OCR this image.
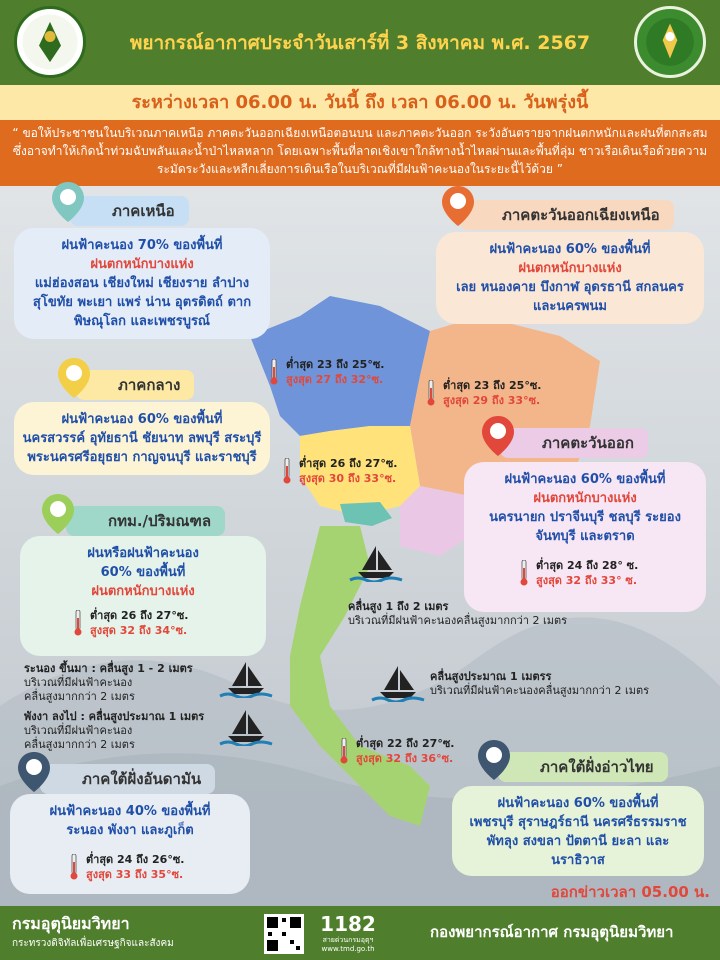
พยากรณ์อากาศประจำวันเสาร์ที่ 3 สิงหาคม พ.ศ. 2567
ระหว่างเวลา 06.00 น. วันนี้ ถึง เวลา 06.00 น. วันพรุ่งนี้
“ ขอให้ประชาชนในบริเวณภาคเหนือ ภาคตะวันออกเฉียงเหนือตอนบน และภาคตะวันออก ระวังอันตรายจากฝนตกหนักและฝนที่ตกสะสมซึ่งอาจทำให้เกิดน้ำท่วมฉับพลันและน้ำป่าไหลหลาก โดยเฉพาะพื้นที่ลาดเชิงเขาใกล้ทางน้ำไหลผ่านและพื้นที่ลุ่ม ชาวเรือเดินเรือด้วยความระมัดระวังและหลีกเลี่ยงการเดินเรือในบริเวณที่มีฝนฟ้าคะนองในระยะนี้ไว้ด้วย ”
ภาคเหนือ
ฝนฟ้าคะนอง 70% ของพื้นที่
ฝนตกหนักบางแห่ง
แม่ฮ่องสอน เชียงใหม่ เชียงราย ลำปาง สุโขทัย พะเยา แพร่ น่าน อุตรดิตถ์ ตาก พิษณุโลก และเพชรบูรณ์
ต่ำสุด 23 ถึง 25°ซ.
สูงสุด 27 ถึง 32°ซ.
ภาคตะวันออกเฉียงเหนือ
ฝนฟ้าคะนอง 60% ของพื้นที่
ฝนตกหนักบางแห่ง
เลย หนองคาย บึงกาฬ อุดรธานี สกลนคร และนครพนม
ต่ำสุด 23 ถึง 25°ซ.
สูงสุด 29 ถึง 33°ซ.
ภาคกลาง
ฝนฟ้าคะนอง 60% ของพื้นที่
นครสวรรค์ อุทัยธานี ชัยนาท ลพบุรี สระบุรี พระนครศรีอยุธยา กาญจนบุรี และราชบุรี	ต่ำสุด 26 ถึง 27°ซ.
สูงสุด 30 ถึง 33°ซ.
ภาคตะวันออก
ฝนฟ้าคะนอง 60% ของพื้นที่
ฝนตกหนักบางแห่ง
นครนายก ปราจีนบุรี ชลบุรี ระยอง จันทบุรี และตราด
ต่ำสุด 24 ถึง 28° ซ.
สูงสุด 32 ถึง 33° ซ.
กทม./ปริมณฑล
ฝนหรือฝนฟ้าคะนอง
60% ของพื้นที่
ฝนตกหนักบางแห่ง
ต่ำสุด 26 ถึง 27°ซ.
สูงสุด 32 ถึง 34°ซ.
คลื่นสูง 1 ถึง 2 เมตร
บริเวณที่มีฝนฟ้าคะนองคลื่นสูงมากกว่า 2 เมตร
คลื่นสูงประมาณ 1 เมตรร
บริเวณที่มีฝนฟ้าคะนองคลื่นสูงมากกว่า 2 เมตร
ระนอง ขึ้นมา : คลื่นสูง 1 - 2 เมตร
บริเวณที่มีฝนฟ้าคะนอง
คลื่นสูงมากกว่า 2 เมตร
พังงา ลงไป : คลื่นสูงประมาณ 1 เมตร
บริเวณที่มีฝนฟ้าคะนอง
คลื่นสูงมากกว่า 2 เมตร	ต่ำสุด 22 ถึง 27°ซ.
สูงสุด 32 ถึง 36°ซ.
ภาคใต้ฝั่งอันดามัน
ฝนฟ้าคะนอง 40% ของพื้นที่
ระนอง พังงา และภูเก็ต
ต่ำสุด 24 ถึง 26°ซ.
สูงสุด 33 ถึง 35°ซ.
ภาคใต้ฝั่งอ่าวไทย
ฝนฟ้าคะนอง 60% ของพื้นที่
เพชรบุรี สุราษฎร์ธานี นครศรีธรรมราช พัทลุง สงขลา ปัตตานี ยะลา และนราธิวาส
ออกข่าวเวลา 05.00 น.
กรมอุตุนิยมวิทยา
กระทรวงดิจิทัลเพื่อเศรษฐกิจและสังคม
1182
สายด่วนกรมอุตุฯ
www.tmd.go.th
กองพยากรณ์อากาศ กรมอุตุนิยมวิทยา
